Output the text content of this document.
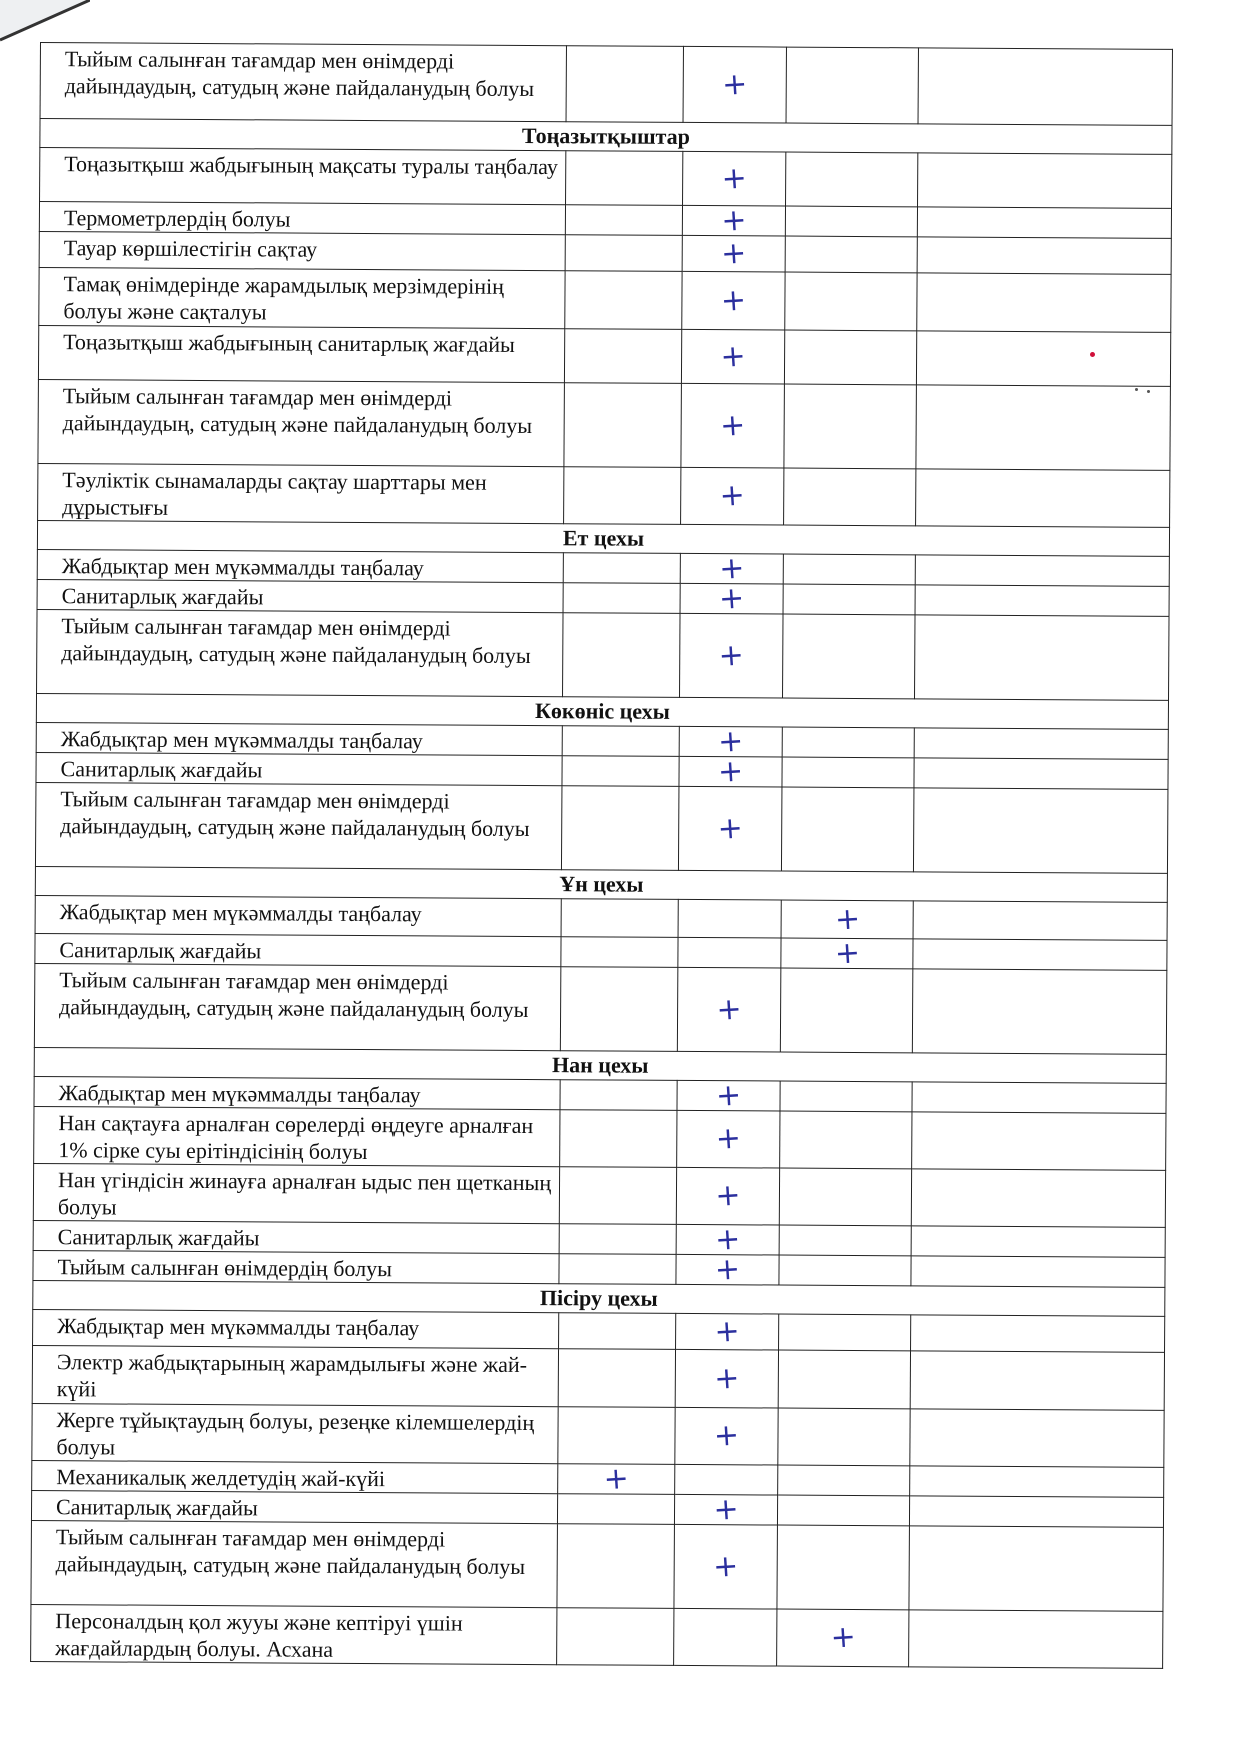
Тыйым салынған тағамдар мен өнімдерді дайындаудың, сатудың және пайдаланудың болуы		+		

Тоңазытқыштар				
Тоңазытқыш жабдығының мақсаты туралы таңбалау		+		

Термометрлердің болуы		+		

Тауар көршілестігін сақтау		+		

Тамақ өнімдерінде жарамдылық мерзімдерінің болуы және сақталуы		+		

Тоңазытқыш жабдығының санитарлық жағдайы		+		

Тыйым салынған тағамдар мен өнімдерді дайындаудың, сатудың және пайдаланудың болуы		+		

Тәуліктік сынамаларды сақтау шарттары мен дұрыстығы		+		

Ет цехы				
Жабдықтар мен мүкәммалды таңбалау		+		

Санитарлық жағдайы		+		

Тыйым салынған тағамдар мен өнімдерді дайындаудың, сатудың және пайдаланудың болуы		+		

Көкөніс цехы				
Жабдықтар мен мүкәммалды таңбалау		+		

Санитарлық жағдайы		+		

Тыйым салынған тағамдар мен өнімдерді дайындаудың, сатудың және пайдаланудың болуы		+		

Ұн цехы				
Жабдықтар мен мүкәммалды таңбалау			+	

Санитарлық жағдайы			+	

Тыйым салынған тағамдар мен өнімдерді дайындаудың, сатудың және пайдаланудың болуы		+		

Нан цехы				
Жабдықтар мен мүкәммалды таңбалау		+		

Нан сақтауға арналған сөрелерді өңдеуге арналған 1% сірке суы ерітіндісінің болуы		+		

Нан үгіндісін жинауға арналған ыдыс пен щетканың болуы		+		

Санитарлық жағдайы		+		

Тыйым салынған өнімдердің болуы		+		

Пісіру цехы				
Жабдықтар мен мүкәммалды таңбалау		+		

Электр жабдықтарының жарамдылығы және жай-күйі		+		

Жерге тұйықтаудың болуы, резеңке кілемшелердің болуы		+		

Механикалық желдетудің жай-күйі	+			

Санитарлық жағдайы		+		

Тыйым салынған тағамдар мен өнімдерді дайындаудың, сатудың және пайдаланудың болуы		+		

Персоналдың қол жууы және кептіруі үшін жағдайлардың болуы. Асхана			+	
